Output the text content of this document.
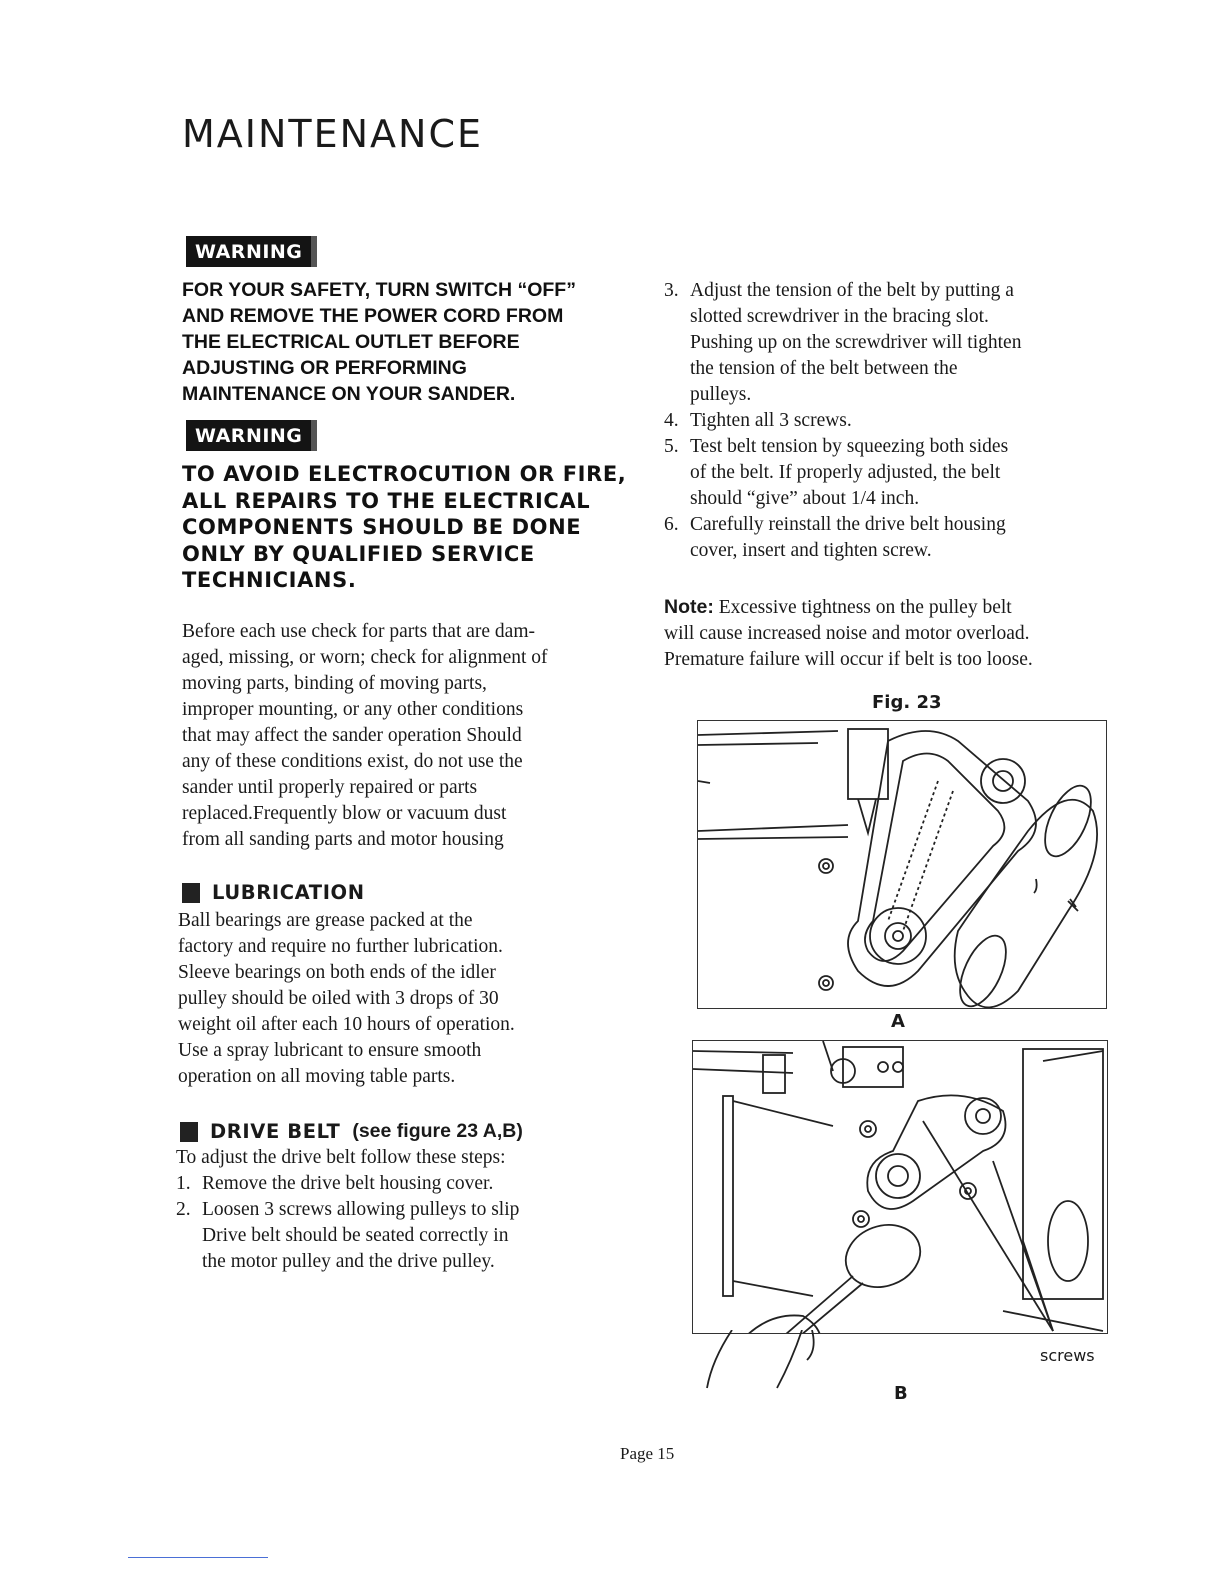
MAINTENANCE
WARNING
FOR YOUR SAFETY, TURN SWITCH “OFF”
AND REMOVE THE POWER CORD FROM
THE ELECTRICAL OUTLET BEFORE
ADJUSTING OR PERFORMING
MAINTENANCE ON YOUR SANDER.
WARNING
TO AVOID ELECTROCUTION OR FIRE,
ALL REPAIRS TO THE ELECTRICAL
COMPONENTS SHOULD BE DONE
ONLY BY QUALIFIED SERVICE
TECHNICIANS.
Before each use check for parts that are dam-
aged, missing, or worn; check for alignment of
moving parts, binding of moving parts,
improper mounting, or any other conditions
that may affect the sander operation Should
any of these conditions exist, do not use the
sander until properly repaired or parts
replaced.Frequently blow or vacuum dust
from all sanding parts and motor housing
LUBRICATION
Ball bearings are grease packed at the
factory and require no further lubrication.
Sleeve bearings on both ends of the idler
pulley should be oiled with 3 drops of 30
weight oil after each 10 hours of operation.
Use a spray lubricant to ensure smooth
operation on all moving table parts.
DRIVE BELT (see figure 23 A,B)
To adjust the drive belt follow these steps:
1. Remove the drive belt housing cover.
2. Loosen 3 screws allowing pulleys to slip
Drive belt should be seated correctly in
the motor pulley and the drive pulley.
3. Adjust the tension of the belt by putting a
slotted screwdriver in the bracing slot.
Pushing up on the screwdriver will tighten
the tension of the belt between the
pulleys.
4. Tighten all 3 screws.
5. Test belt tension by squeezing both sides
of the belt. If properly adjusted, the belt
should “give” about 1/4 inch.
6. Carefully reinstall the drive belt housing
cover, insert and tighten screw.
Note: Excessive tightness on the pulley belt
will cause increased noise and motor overload.
Premature failure will occur if belt is too loose.
Fig. 23
A
screws
B
Page 15
